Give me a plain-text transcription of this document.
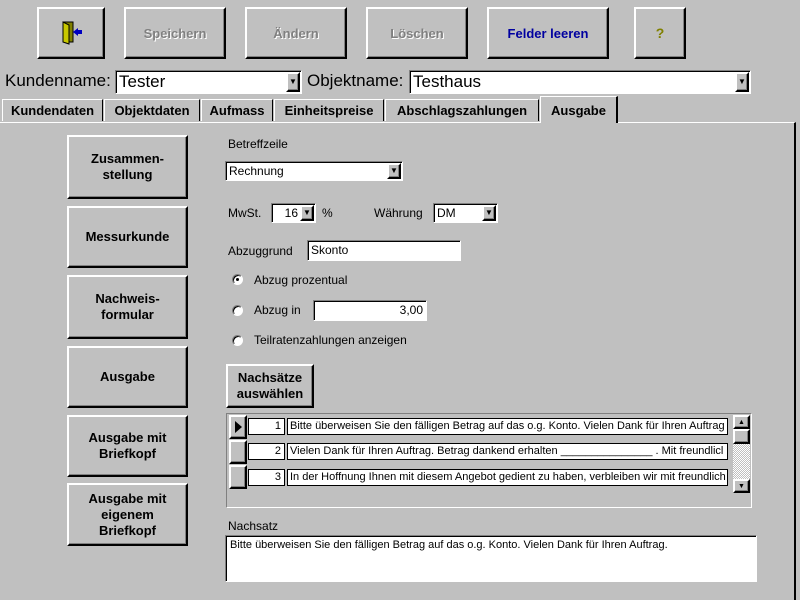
Speichern	Ändern	Löschen	Felder leeren	?
Kundenname: Tester	▼ Objektname: Testhaus	▼
Kundendaten	Objektdaten	Aufmass	Einheitspreise	Abschlagszahlungen	Ausgabe
Zusammen-
stellung
Messurkunde
Nachweis-
formular
Ausgabe
Ausgabe mit
Briefkopf
Ausgabe mit
eigenem
Briefkopf
Betreffzeile
Rechnung	▼
MwSt.	16 ▼ %	Währung DM	▼
Abzuggrund	Skonto
Abzug prozentual
Abzug in	3,00
Teilratenzahlungen anzeigen
Nachsätze
auswählen
1 Bitte überweisen Sie den fälligen Betrag auf das o.g. Konto. Vielen Dank für Ihren Auftrag
2 Vielen Dank für Ihren Auftrag. Betrag dankend erhalten _______________ . Mit freundlicl
3 In der Hoffnung Ihnen mit diesem Angebot gedient zu haben, verbleiben wir mit freundlich
▲
▼
Nachsatz
Bitte überweisen Sie den fälligen Betrag auf das o.g. Konto. Vielen Dank für Ihren Auftrag.
